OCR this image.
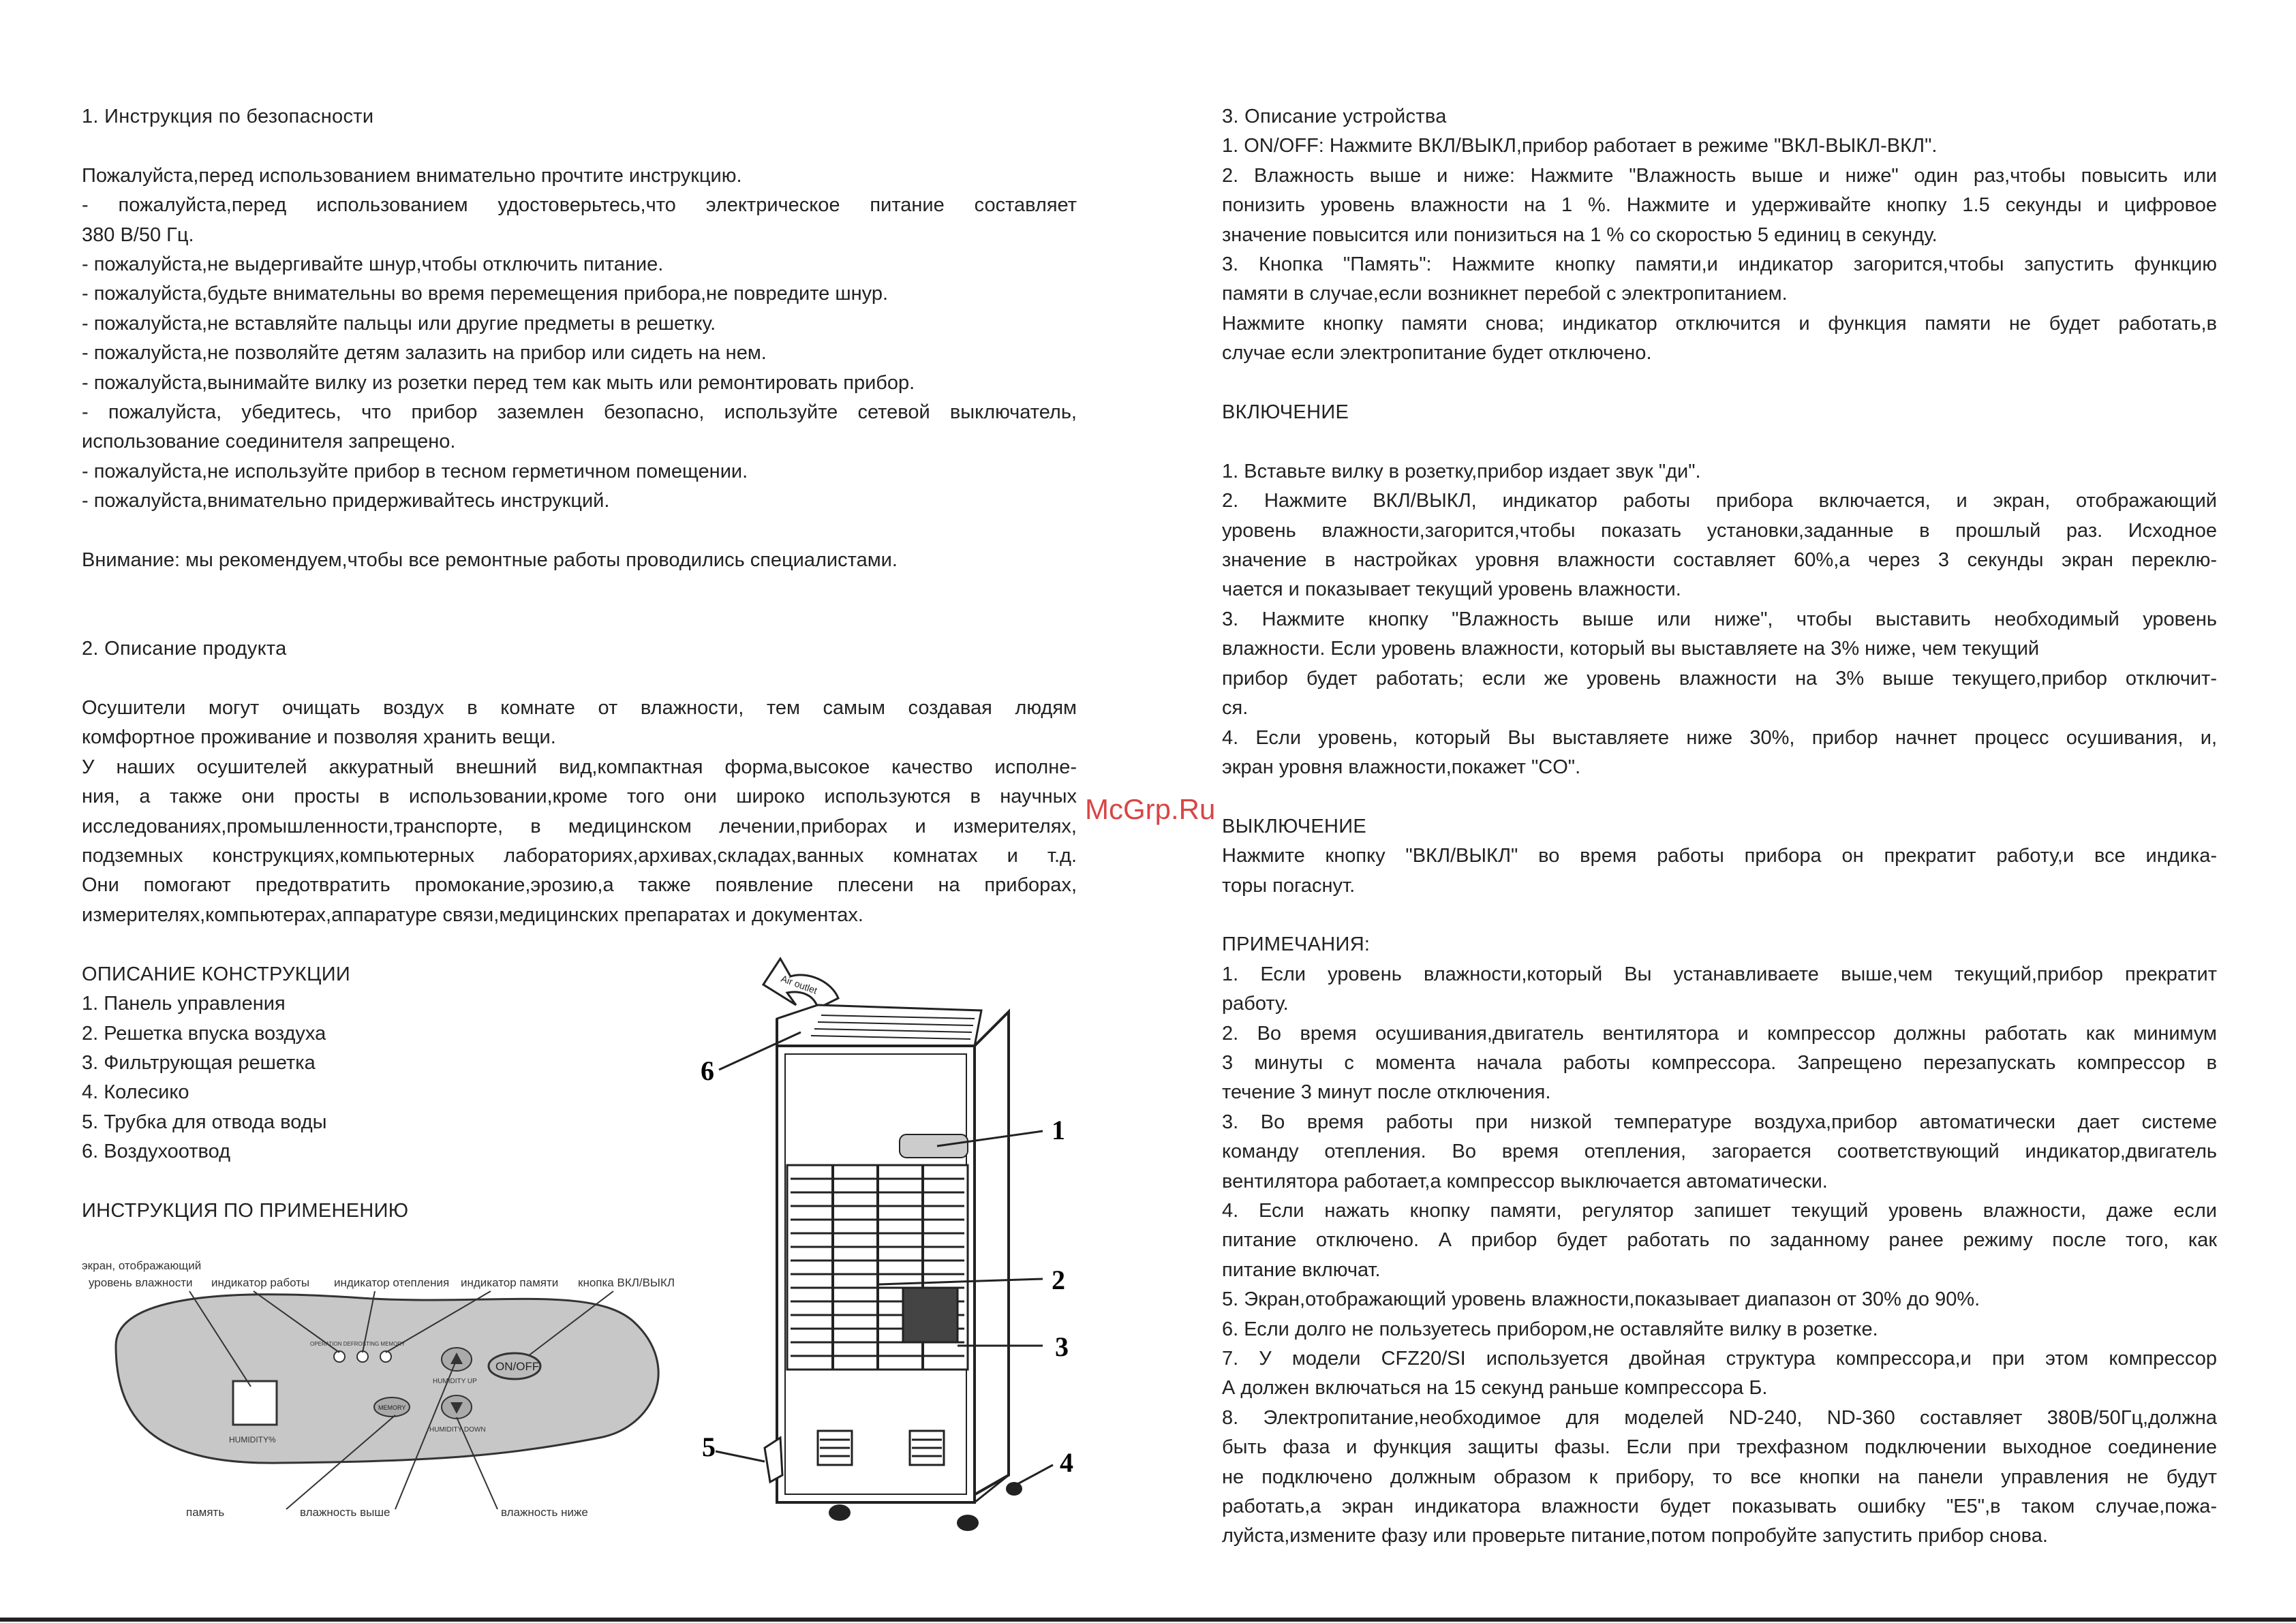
1. Инструкция по безопасности

Пожалуйста,перед использованием внимательно прочтите инструкцию.

- пожалуйста,перед использованием удостоверьтесь,что электрическое питание составляет

380 В/50 Гц.

- пожалуйста,не выдергивайте шнур,чтобы отключить питание.

- пожалуйста,будьте внимательны во время перемещения прибора,не повредите шнур.

- пожалуйста,не вставляйте пальцы или другие предметы в решетку.

- пожалуйста,не позволяйте детям залазить на прибор или сидеть на нем.

- пожалуйста,вынимайте вилку из розетки перед тем как мыть или ремонтировать прибор.

- пожалуйста, убедитесь, что прибор заземлен безопасно, используйте сетевой выключатель,

использование соединителя запрещено.

- пожалуйста,не используйте прибор в тесном герметичном помещении.

- пожалуйста,внимательно придерживайтесь инструкций.

Внимание: мы рекомендуем,чтобы все ремонтные работы проводились специалистами.

2. Описание продукта

Осушители могут очищать воздух в комнате от влажности, тем самым создавая людям

комфортное проживание и позволяя хранить вещи.

У наших осушителей аккуратный внешний вид,компактная форма,высокое качество исполне-

ния, а также они просты в использовании,кроме того они широко используются в научных

исследованиях,промышленности,транспорте, в медицинском лечении,приборах и измерителях,

подземных конструкциях,компьютерных лабораториях,архивах,складах,ванных комнатах и т.д.

Они помогают предотвратить промокание,эрозию,а также появление плесени на приборах,

измерителях,компьютерах,аппаратуре связи,медицинских препаратах и документах.

ОПИСАНИЕ КОНСТРУКЦИИ

1. Панель управления

2. Решетка впуска воздуха

3. Фильтрующая решетка

4. Колесико

5. Трубка для отвода воды

6. Воздухоотвод

ИНСТРУКЦИЯ ПО ПРИМЕНЕНИЮ

экран, отображающий
уровень влажности индикатор работы индикатор отепления индикатор памяти кнопка ВКЛ/ВЫКЛ
HUMIDITY%
OPERATION DEFROSTING MEMORY
HUMIDITY UP
HUMIDITY DOWN
ON/OFF
MEMORY
память	влажность выше	влажность ниже
Air outlet
6
1
2
3
4
5
McGrp.Ru

3. Описание устройства

1. ON/OFF: Нажмите ВКЛ/ВЫКЛ,прибор работает в режиме "ВКЛ-ВЫКЛ-ВКЛ".

2. Влажность выше и ниже: Нажмите "Влажность выше и ниже" один раз,чтобы повысить или

понизить уровень влажности на 1 %. Нажмите и удерживайте кнопку 1.5 секунды и цифровое

значение повысится или понизиться на 1 % со скоростью 5 единиц в секунду.

3. Кнопка "Память": Нажмите кнопку памяти,и индикатор загорится,чтобы запустить функцию

памяти в случае,если возникнет перебой с электропитанием.

Нажмите кнопку памяти снова; индикатор отключится и функция памяти не будет работать,в

случае если электропитание будет отключено.

ВКЛЮЧЕНИЕ

1. Вставьте вилку в розетку,прибор издает звук "ди".

2. Нажмите ВКЛ/ВЫКЛ, индикатор работы прибора включается, и экран, отображающий

уровень влажности,загорится,чтобы показать установки,заданные в прошлый раз. Исходное

значение в настройках уровня влажности составляет 60%,а через 3 секунды экран переклю-

чается и показывает текущий уровень влажности.

3. Нажмите кнопку "Влажность выше или ниже", чтобы выставить необходимый уровень

влажности. Если уровень влажности, который вы выставляете на 3% ниже, чем текущий

прибор будет работать; если же уровень влажности на 3% выше текущего,прибор отключит-

ся.

4. Если уровень, который Вы выставляете ниже 30%, прибор начнет процесс осушивания, и,

экран уровня влажности,покажет "CO".

ВЫКЛЮЧЕНИЕ

Нажмите кнопку "ВКЛ/ВЫКЛ" во время работы прибора он прекратит работу,и все индика-

торы погаснут.

ПРИМЕЧАНИЯ:

1. Если уровень влажности,который Вы устанавливаете выше,чем текущий,прибор прекратит

работу.

2. Во время осушивания,двигатель вентилятора и компрессор должны работать как минимум

3 минуты с момента начала работы компрессора. Запрещено перезапускать компрессор в

течение 3 минут после отключения.

3. Во время работы при низкой температуре воздуха,прибор автоматически дает системе

команду отепления. Во время отепления, загорается соответствующий индикатор,двигатель

вентилятора работает,а компрессор выключается автоматически.

4. Если нажать кнопку памяти, регулятор запишет текущий уровень влажности, даже если

питание отключено. А прибор будет работать по заданному ранее режиму после того, как

питание включат.

5. Экран,отображающий уровень влажности,показывает диапазон от 30% до 90%.

6. Если долго не пользуетесь прибором,не оставляйте вилку в розетке.

7. У модели CFZ20/SI используется двойная структура компрессора,и при этом компрессор

А должен включаться на 15 секунд раньше компрессора Б.

8. Электропитание,необходимое для моделей ND-240, ND-360 составляет 380В/50Гц,должна

быть фаза и функция защиты фазы. Если при трехфазном подключении выходное соединение

не подключено должным образом к прибору, то все кнопки на панели управления не будут

работать,а экран индикатора влажности будет показывать ошибку "E5",в таком случае,пожа-

луйста,измените фазу или проверьте питание,потом попробуйте запустить прибор снова.
